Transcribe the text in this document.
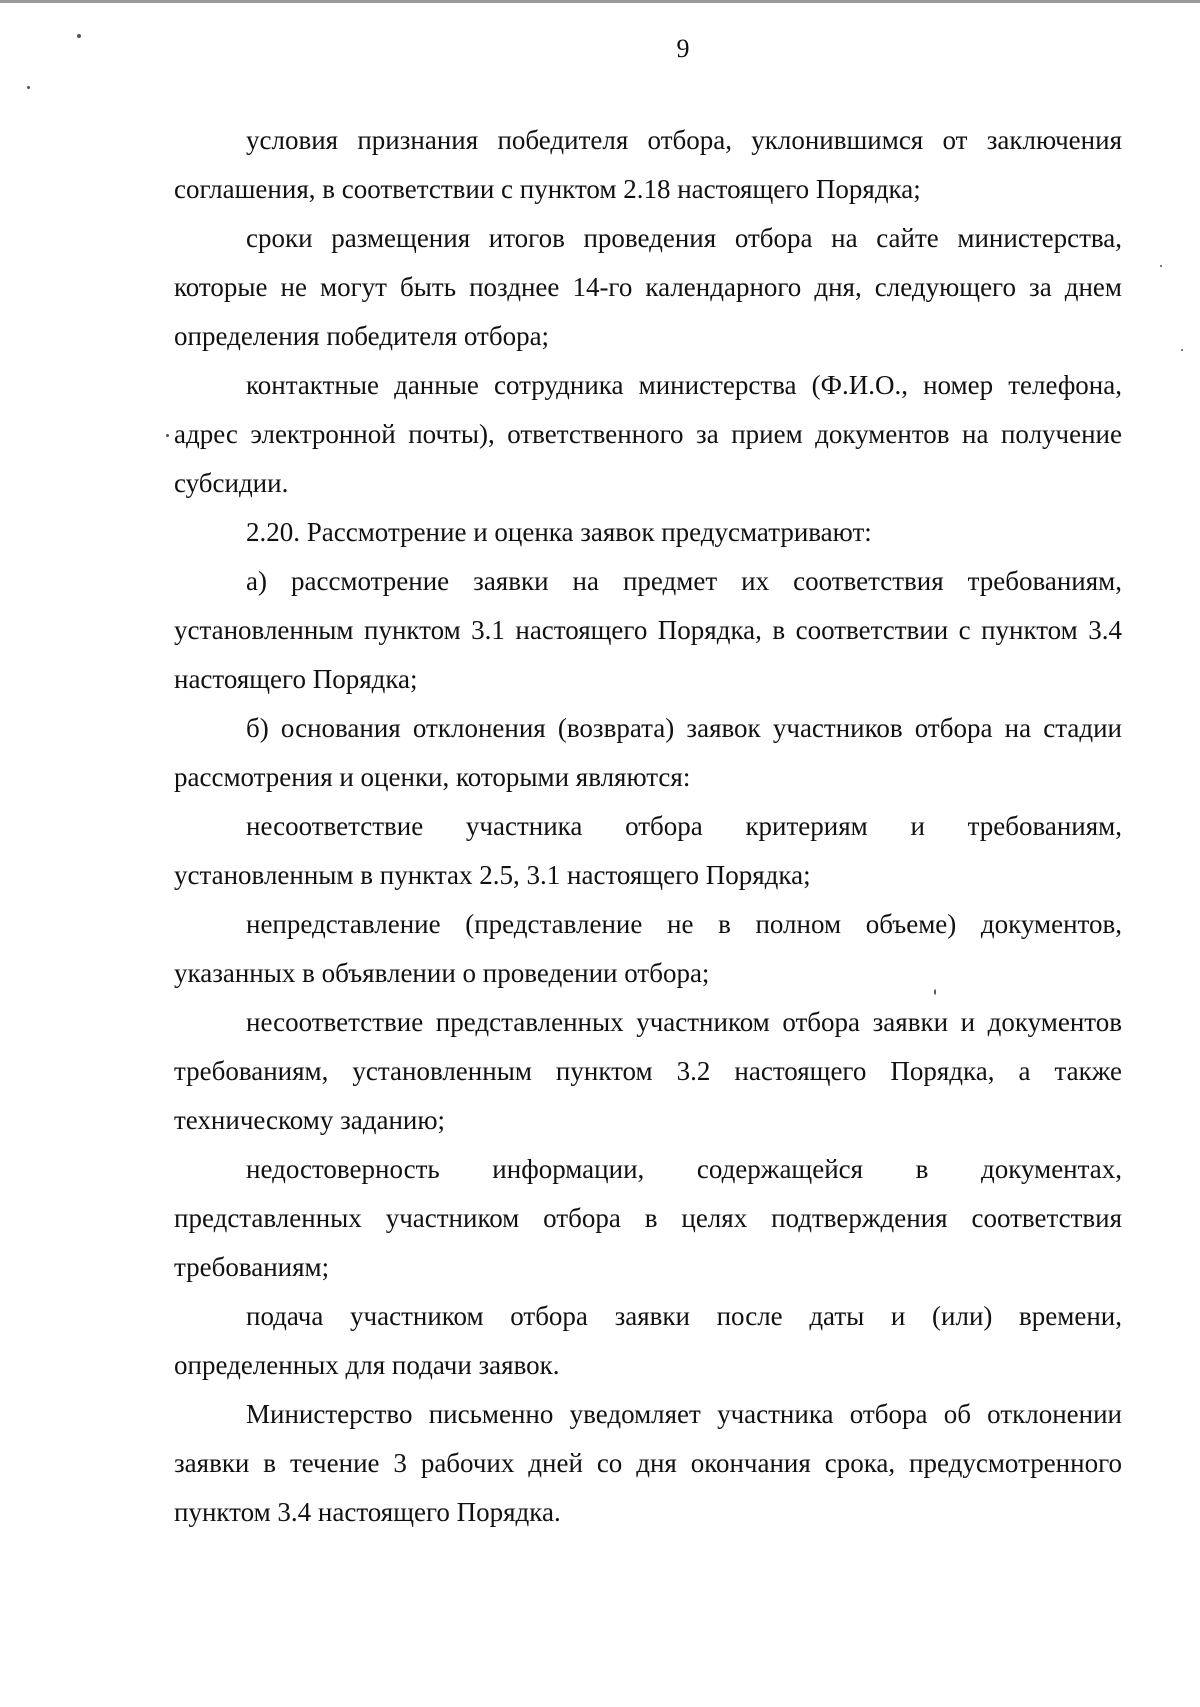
9

условия признания победителя отбора, уклонившимся от заключения соглашения, в соответствии с пунктом 2.18 настоящего Порядка;

сроки размещения итогов проведения отбора на сайте министерства, которые не могут быть позднее 14-го календарного дня, следующего за днем определения победителя отбора;

контактные данные сотрудника министерства (Ф.И.О., номер телефона, адрес электронной почты), ответственного за прием документов на получение субсидии.

2.20. Рассмотрение и оценка заявок предусматривают:

а) рассмотрение заявки на предмет их соответствия требованиям, установленным пунктом 3.1 настоящего Порядка, в соответствии с пунктом 3.4 настоящего Порядка;

б) основания отклонения (возврата) заявок участников отбора на стадии рассмотрения и оценки, которыми являются:

несоответствие участника отбора критериям и требованиям, установленным в пунктах 2.5, 3.1 настоящего Порядка;

непредставление (представление не в полном объеме) документов, указанных в объявлении о проведении отбора;

несоответствие представленных участником отбора заявки и документов требованиям, установленным пунктом 3.2 настоящего Порядка, а также техническому заданию;

недостоверность информации, содержащейся в документах, представленных участником отбора в целях подтверждения соответствия требованиям;

подача участником отбора заявки после даты и (или) времени, определенных для подачи заявок.

Министерство письменно уведомляет участника отбора об отклонении заявки в течение 3 рабочих дней со дня окончания срока, предусмотренного пунктом 3.4 настоящего Порядка.
